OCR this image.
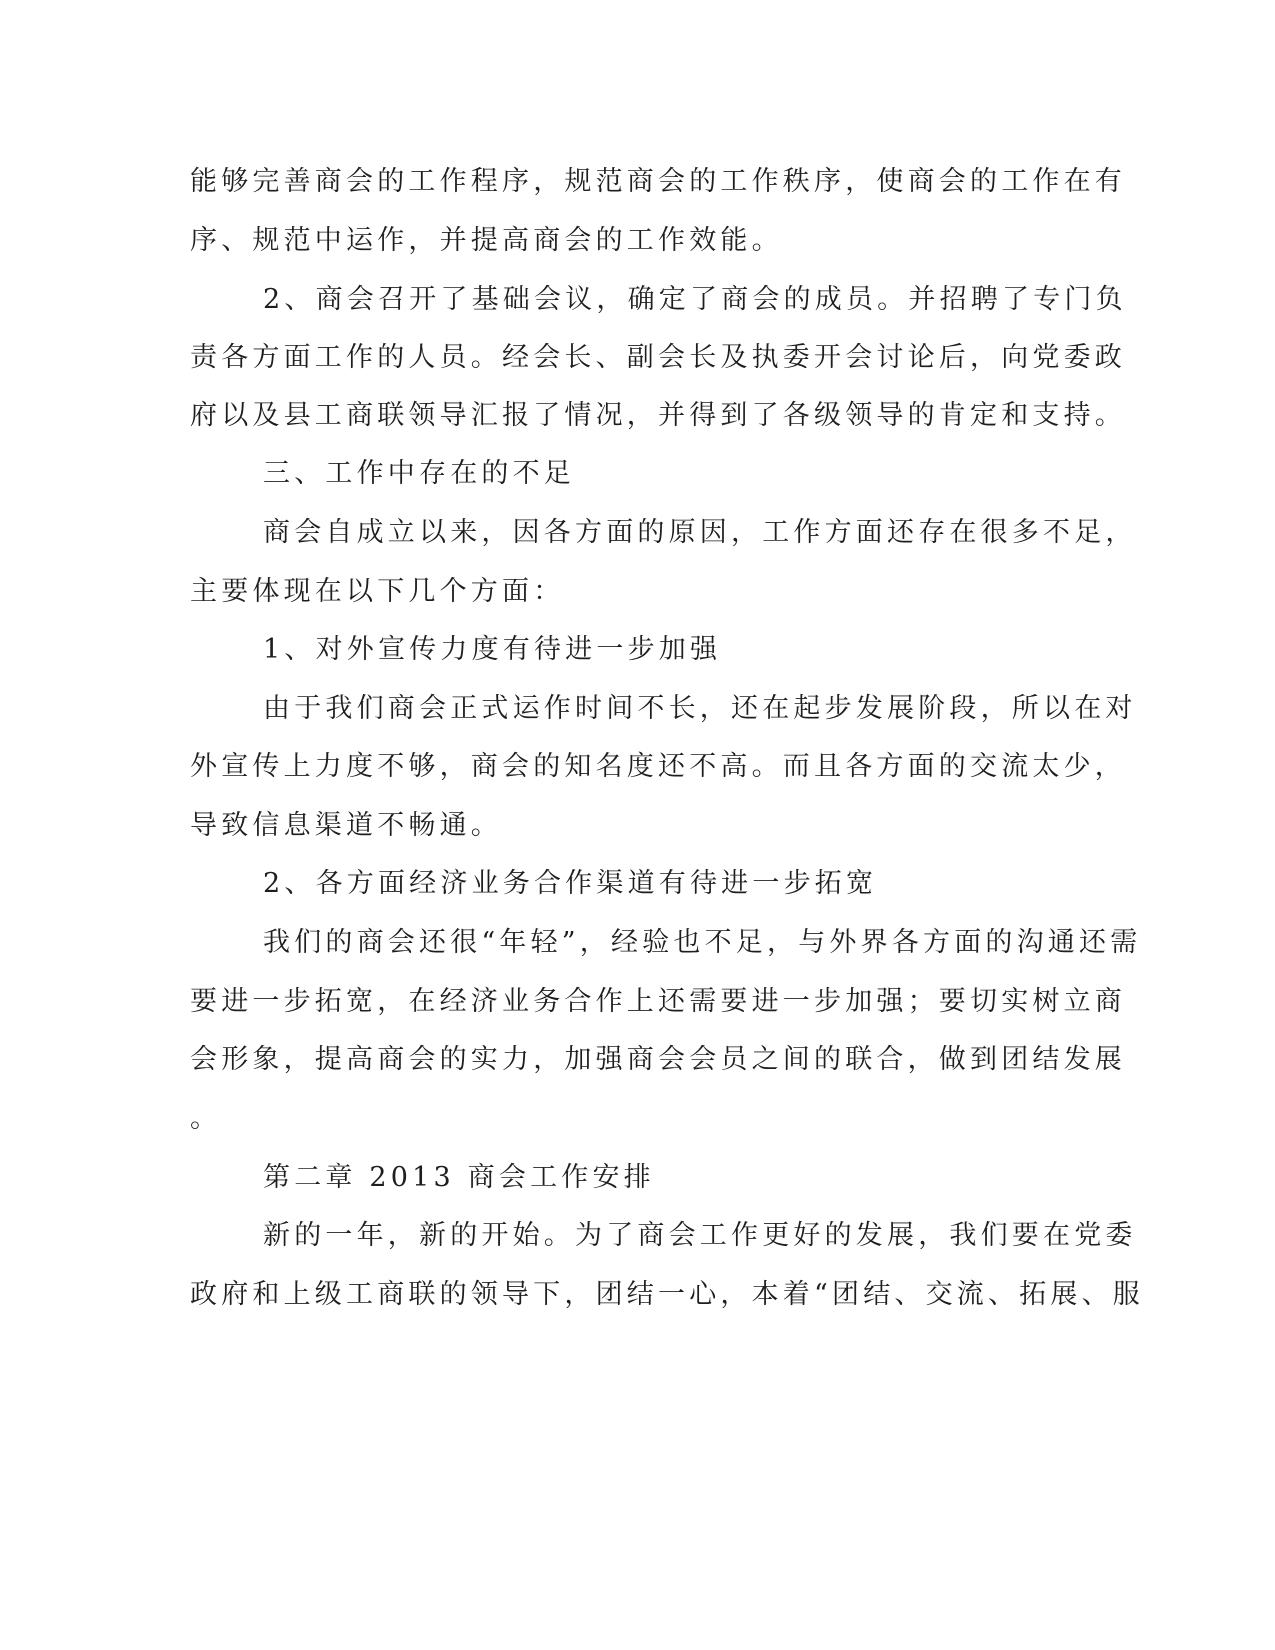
能够完善商会的工作程序，规范商会的工作秩序，使商会的工作在有
序、规范中运作，并提高商会的工作效能。
2、商会召开了基础会议，确定了商会的成员。并招聘了专门负
责各方面工作的人员。经会长、副会长及执委开会讨论后，向党委政
府以及县工商联领导汇报了情况，并得到了各级领导的肯定和支持。
三、工作中存在的不足
商会自成立以来，因各方面的原因，工作方面还存在很多不足，
主要体现在以下几个方面：
1、对外宣传力度有待进一步加强
由于我们商会正式运作时间不长，还在起步发展阶段，所以在对
外宣传上力度不够，商会的知名度还不高。而且各方面的交流太少，
导致信息渠道不畅通。
2、各方面经济业务合作渠道有待进一步拓宽
我们的商会还很“年轻”，经验也不足，与外界各方面的沟通还需
要进一步拓宽，在经济业务合作上还需要进一步加强；要切实树立商
会形象，提高商会的实力，加强商会会员之间的联合，做到团结发展
。
第二章 2013 商会工作安排
新的一年，新的开始。为了商会工作更好的发展，我们要在党委
政府和上级工商联的领导下，团结一心，本着“团结、交流、拓展、服
